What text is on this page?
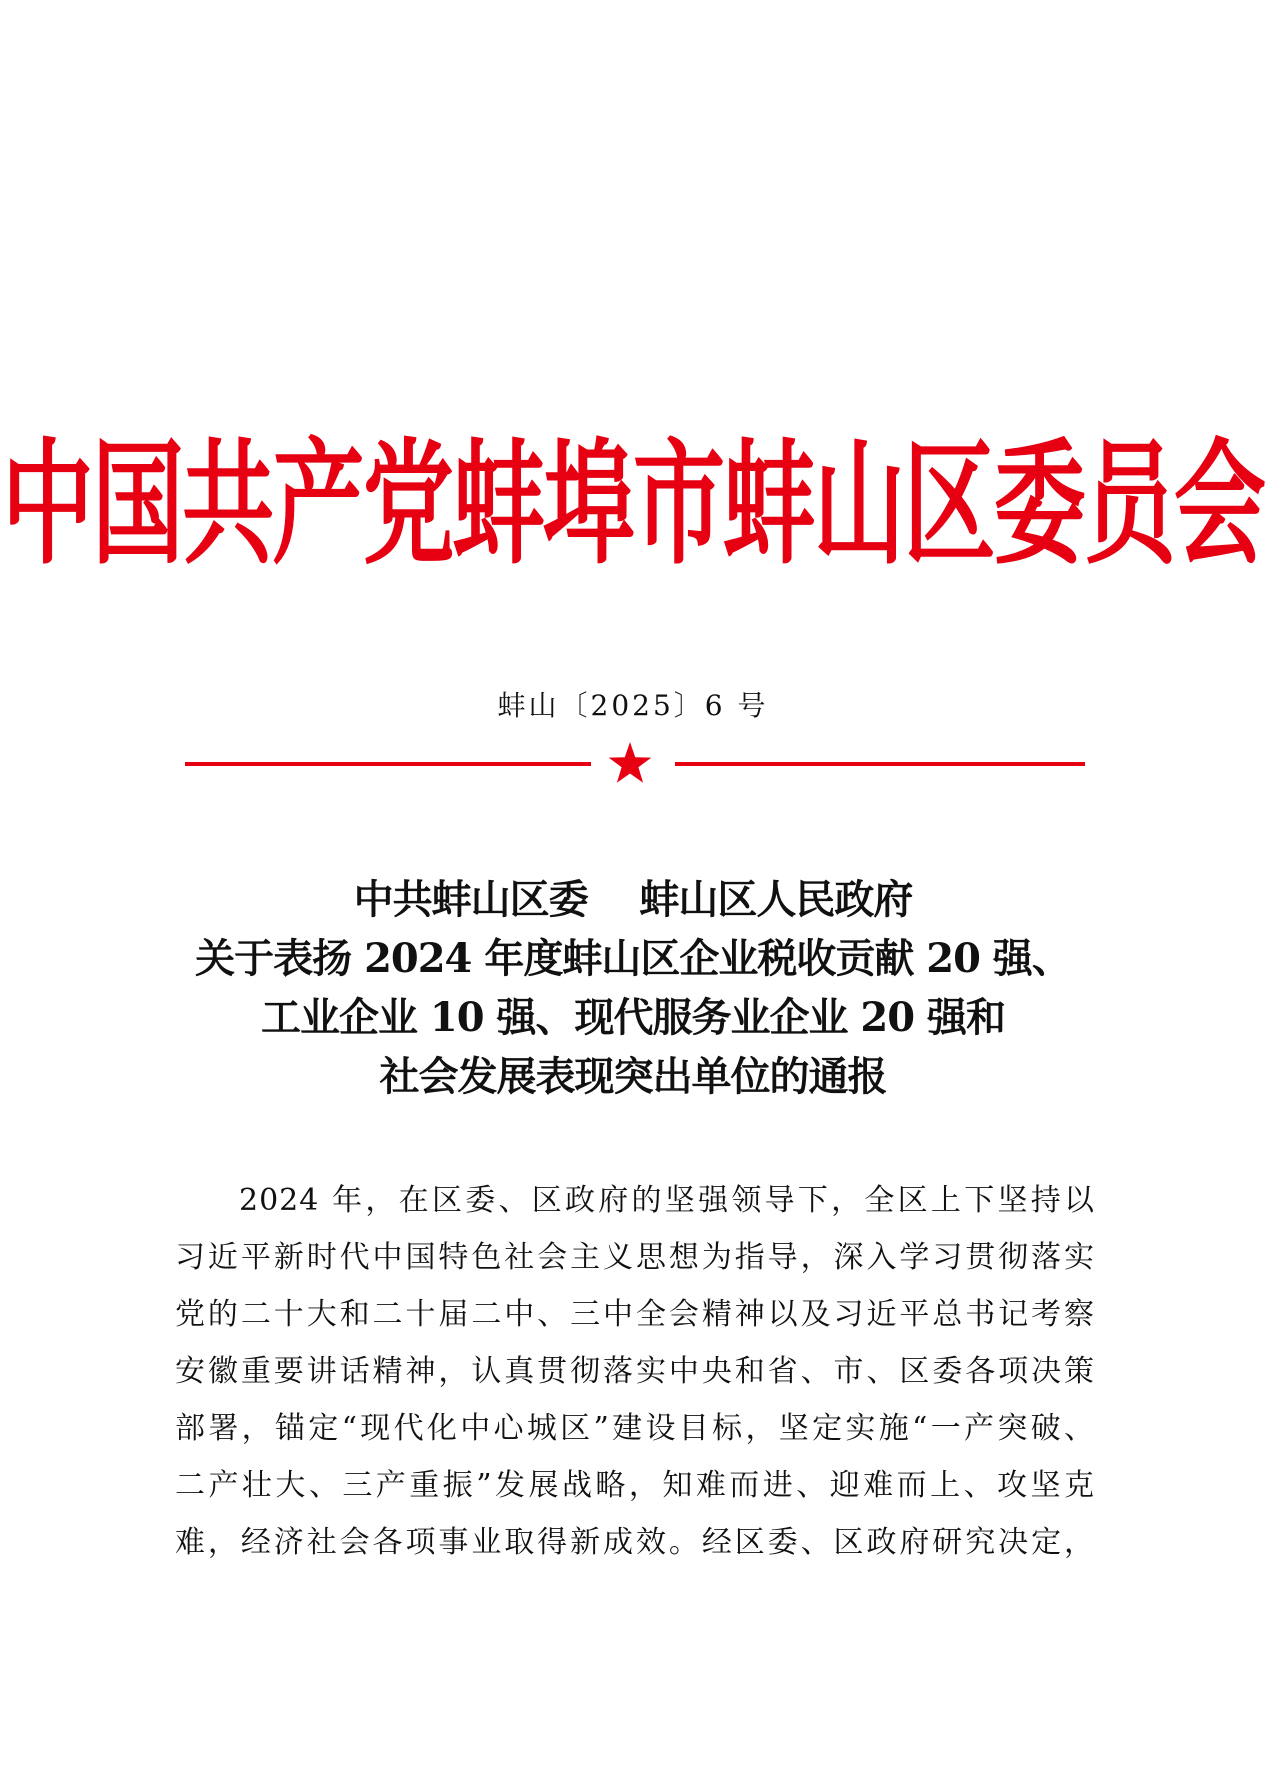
中国共产党蚌埠市蚌山区委员会
蚌山〔2025〕6 号
中共蚌山区委    蚌山区人民政府
关于表扬 2024 年度蚌山区企业税收贡献 20 强、
工业企业 10 强、现代服务业企业 20 强和
社会发展表现突出单位的通报
2024 年，在区委、区政府的坚强领导下，全区上下坚持以
习近平新时代中国特色社会主义思想为指导，深入学习贯彻落实
党的二十大和二十届二中、三中全会精神以及习近平总书记考察
安徽重要讲话精神，认真贯彻落实中央和省、市、区委各项决策
部署，锚定“现代化中心城区”建设目标，坚定实施“一产突破、
二产壮大、三产重振”发展战略，知难而进、迎难而上、攻坚克
难，经济社会各项事业取得新成效。经区委、区政府研究决定，
